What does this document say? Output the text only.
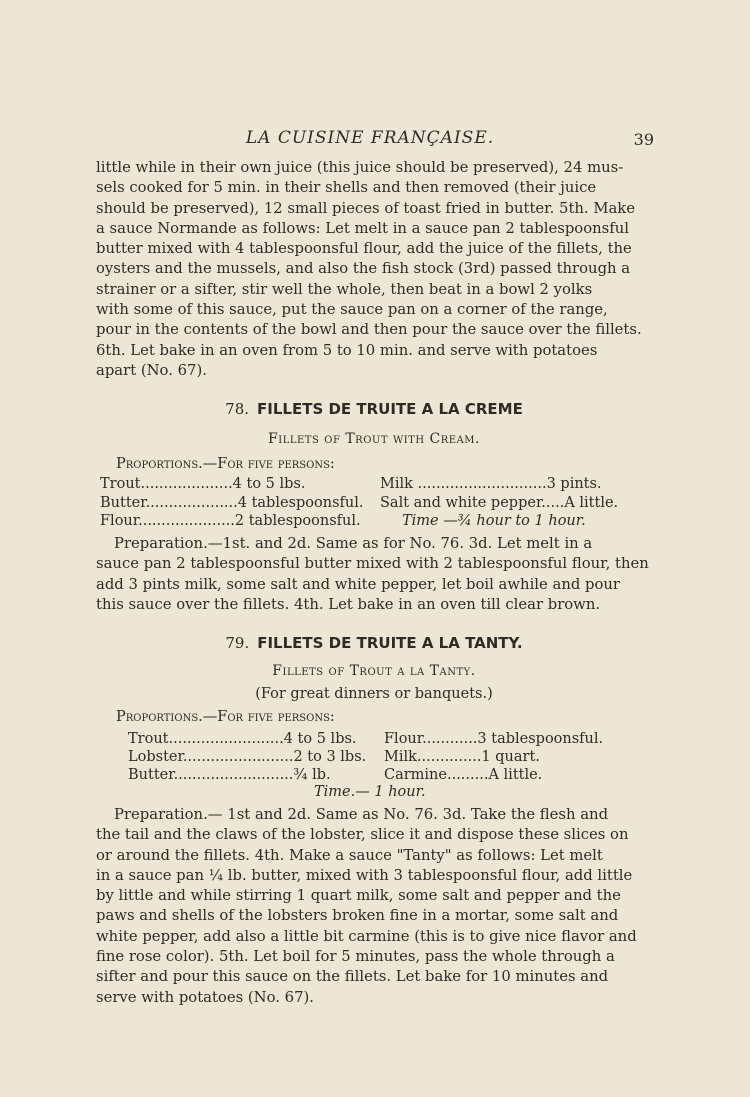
LA CUISINE FRANÇAISE.	39
little while in their own juice (this juice should be preserved), 24 mus-
sels cooked for 5 min. in their shells and then removed (their juice
should be preserved), 12 small pieces of toast fried in butter. 5th. Make
a sauce Normande as follows: Let melt in a sauce pan 2 tablespoonsful
butter mixed with 4 tablespoonsful flour, add the juice of the fillets, the
oysters and the mussels, and also the fish stock (3rd) passed through a
strainer or a sifter, stir well the whole, then beat in a bowl 2 yolks
with some of this sauce, put the sauce pan on a corner of the range,
pour in the contents of the bowl and then pour the sauce over the fillets.
6th. Let bake in an oven from 5 to 10 min. and serve with potatoes
apart (No. 67).
78. FILLETS DE TRUITE A LA CREME
Fillets of Trout with Cream.
Proportions.—For five persons:
Trout....................4 to 5 lbs.	Milk ............................3 pints.
Butter....................4 tablespoonsful. Salt and white pepper.....A little.
Flour.....................2 tablespoonsful.	Time —¾ hour to 1 hour.
Preparation.—1st. and 2d. Same as for No. 76. 3d. Let melt in a
sauce pan 2 tablespoonsful butter mixed with 2 tablespoonsful flour, then
add 3 pints milk, some salt and white pepper, let boil awhile and pour
this sauce over the fillets. 4th. Let bake in an oven till clear brown.
79. FILLETS DE TRUITE A LA TANTY.
Fillets of Trout a la Tanty.
(For great dinners or banquets.)
Proportions.—For five persons:
Trout.........................4 to 5 lbs. Flour............3 tablespoonsful.
Lobster........................2 to 3 lbs. Milk..............1 quart.
Butter..........................¾ lb.	Carmine.........A little.
Time.— 1 hour.
Preparation.— 1st and 2d. Same as No. 76. 3d. Take the flesh and
the tail and the claws of the lobster, slice it and dispose these slices on
or around the fillets. 4th. Make a sauce "Tanty" as follows: Let melt
in a sauce pan ¼ lb. butter, mixed with 3 tablespoonsful flour, add little
by little and while stirring 1 quart milk, some salt and pepper and the
paws and shells of the lobsters broken fine in a mortar, some salt and
white pepper, add also a little bit carmine (this is to give nice flavor and
fine rose color). 5th. Let boil for 5 minutes, pass the whole through a
sifter and pour this sauce on the fillets. Let bake for 10 minutes and
serve with potatoes (No. 67).
